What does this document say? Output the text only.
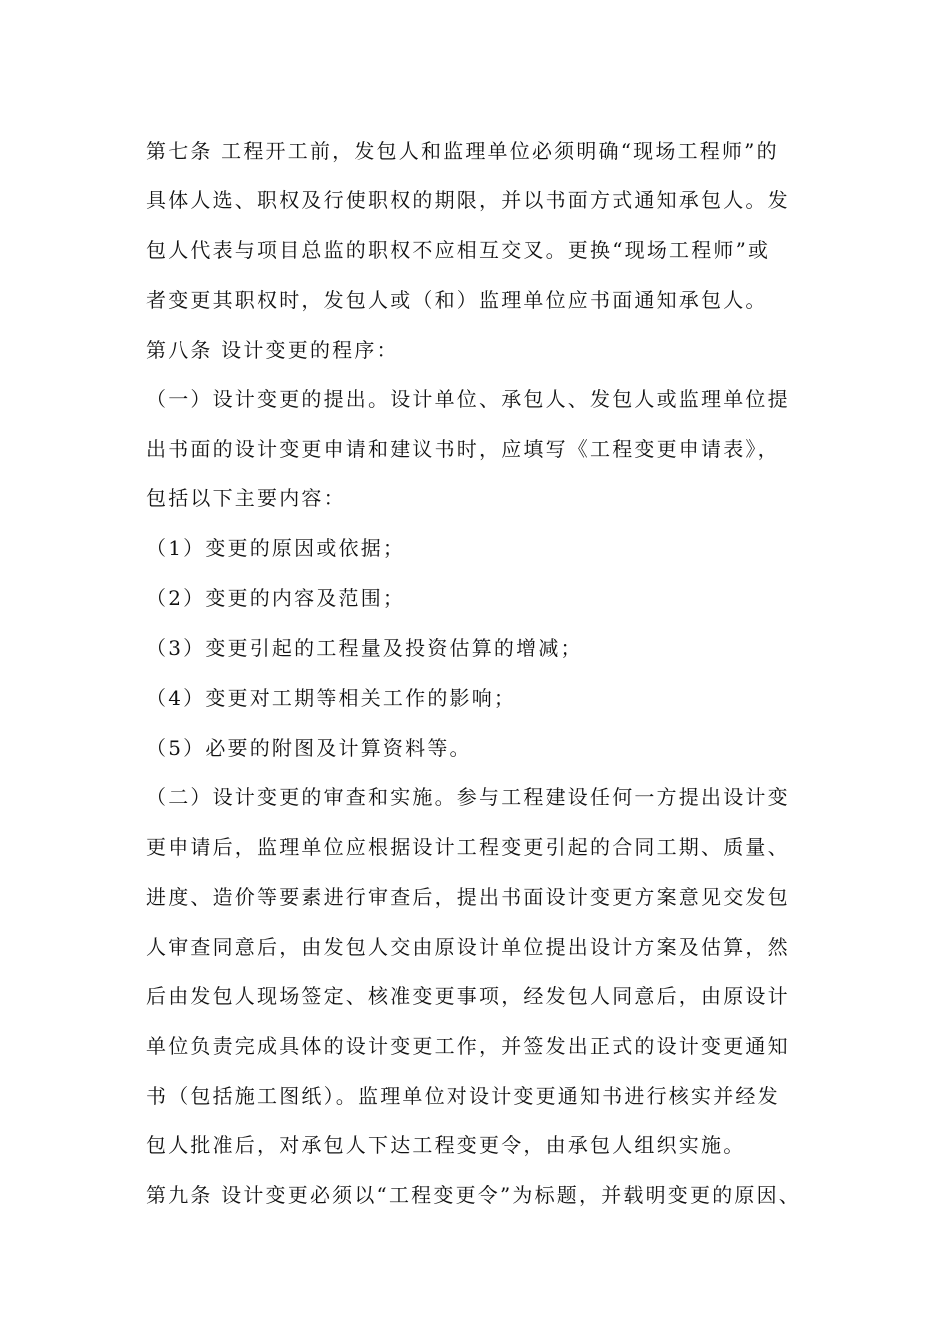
第七条 工程开工前，发包人和监理单位必须明确“现场工程师”的
具体人选、职权及行使职权的期限，并以书面方式通知承包人。发
包人代表与项目总监的职权不应相互交叉。更换“现场工程师”或
者变更其职权时，发包人或（和）监理单位应书面通知承包人。
第八条 设计变更的程序：
（一）设计变更的提出。设计单位、承包人、发包人或监理单位提
出书面的设计变更申请和建议书时，应填写《工程变更申请表》，
包括以下主要内容：
（1）变更的原因或依据；
（2）变更的内容及范围；
（3）变更引起的工程量及投资估算的增减；
（4）变更对工期等相关工作的影响；
（5）必要的附图及计算资料等。
（二）设计变更的审查和实施。参与工程建设任何一方提出设计变
更申请后，监理单位应根据设计工程变更引起的合同工期、质量、
进度、造价等要素进行审查后，提出书面设计变更方案意见交发包
人审查同意后，由发包人交由原设计单位提出设计方案及估算，然
后由发包人现场签定、核准变更事项，经发包人同意后，由原设计
单位负责完成具体的设计变更工作，并签发出正式的设计变更通知
书（包括施工图纸）。监理单位对设计变更通知书进行核实并经发
包人批准后，对承包人下达工程变更令，由承包人组织实施。
第九条 设计变更必须以“工程变更令”为标题，并载明变更的原因、
